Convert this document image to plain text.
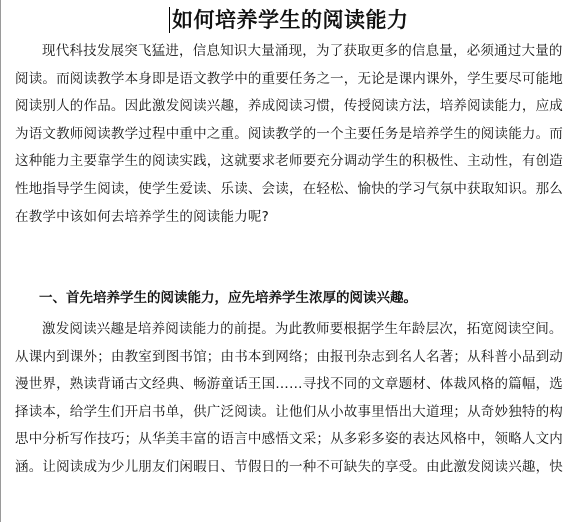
如何培养学生的阅读能力
现代科技发展突飞猛进，信息知识大量涌现，为了获取更多的信息量，必须通过大量的
阅读。而阅读教学本身即是语文教学中的重要任务之一，无论是课内课外，学生要尽可能地
阅读别人的作品。因此激发阅读兴趣，养成阅读习惯，传授阅读方法，培养阅读能力，应成
为语文教师阅读教学过程中重中之重。阅读教学的一个主要任务是培养学生的阅读能力。而
这种能力主要靠学生的阅读实践，这就要求老师要充分调动学生的积极性、主动性，有创造
性地指导学生阅读，使学生爱读、乐读、会读，在轻松、愉快的学习气氛中获取知识。那么
在教学中该如何去培养学生的阅读能力呢?
一、首先培养学生的阅读能力，应先培养学生浓厚的阅读兴趣。
激发阅读兴趣是培养阅读能力的前提。为此教师要根据学生年龄层次，拓宽阅读空间。
从课内到课外；由教室到图书馆；由书本到网络；由报刊杂志到名人名著；从科普小品到动
漫世界，熟读背诵古文经典、畅游童话王国……寻找不同的文章题材、体裁风格的篇幅，选
择读本，给学生们开启书单，供广泛阅读。让他们从小故事里悟出大道理；从奇妙独特的构
思中分析写作技巧；从华美丰富的语言中感悟文采；从多彩多姿的表达风格中，领略人文内
涵。让阅读成为少儿朋友们闲暇日、节假日的一种不可缺失的享受。由此激发阅读兴趣，快
